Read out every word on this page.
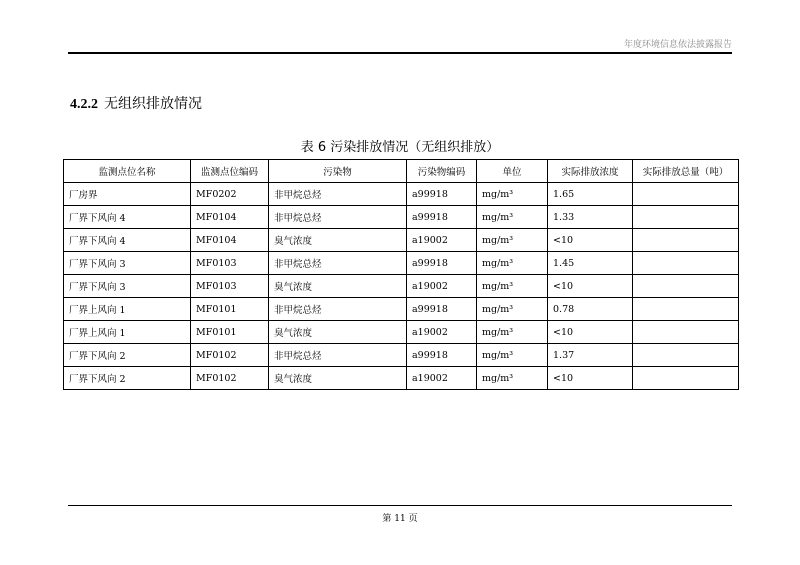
年度环境信息依法披露报告
4.2.2 无组织排放情况
表 6 污染排放情况（无组织排放）
监测点位名称	监测点位编码	污染物	污染物编码	单位	实际排放浓度	实际排放总量（吨）
厂房界	MF0202	非甲烷总烃	a99918	mg/m³	1.65	
厂界下风向 4	MF0104	非甲烷总烃	a99918	mg/m³	1.33	
厂界下风向 4	MF0104	臭气浓度	a19002	mg/m³	<10	
厂界下风向 3	MF0103	非甲烷总烃	a99918	mg/m³	1.45	
厂界下风向 3	MF0103	臭气浓度	a19002	mg/m³	<10	
厂界上风向 1	MF0101	非甲烷总烃	a99918	mg/m³	0.78	
厂界上风向 1	MF0101	臭气浓度	a19002	mg/m³	<10	
厂界下风向 2	MF0102	非甲烷总烃	a99918	mg/m³	1.37	
厂界下风向 2	MF0102	臭气浓度	a19002	mg/m³	<10	
第 11 页
